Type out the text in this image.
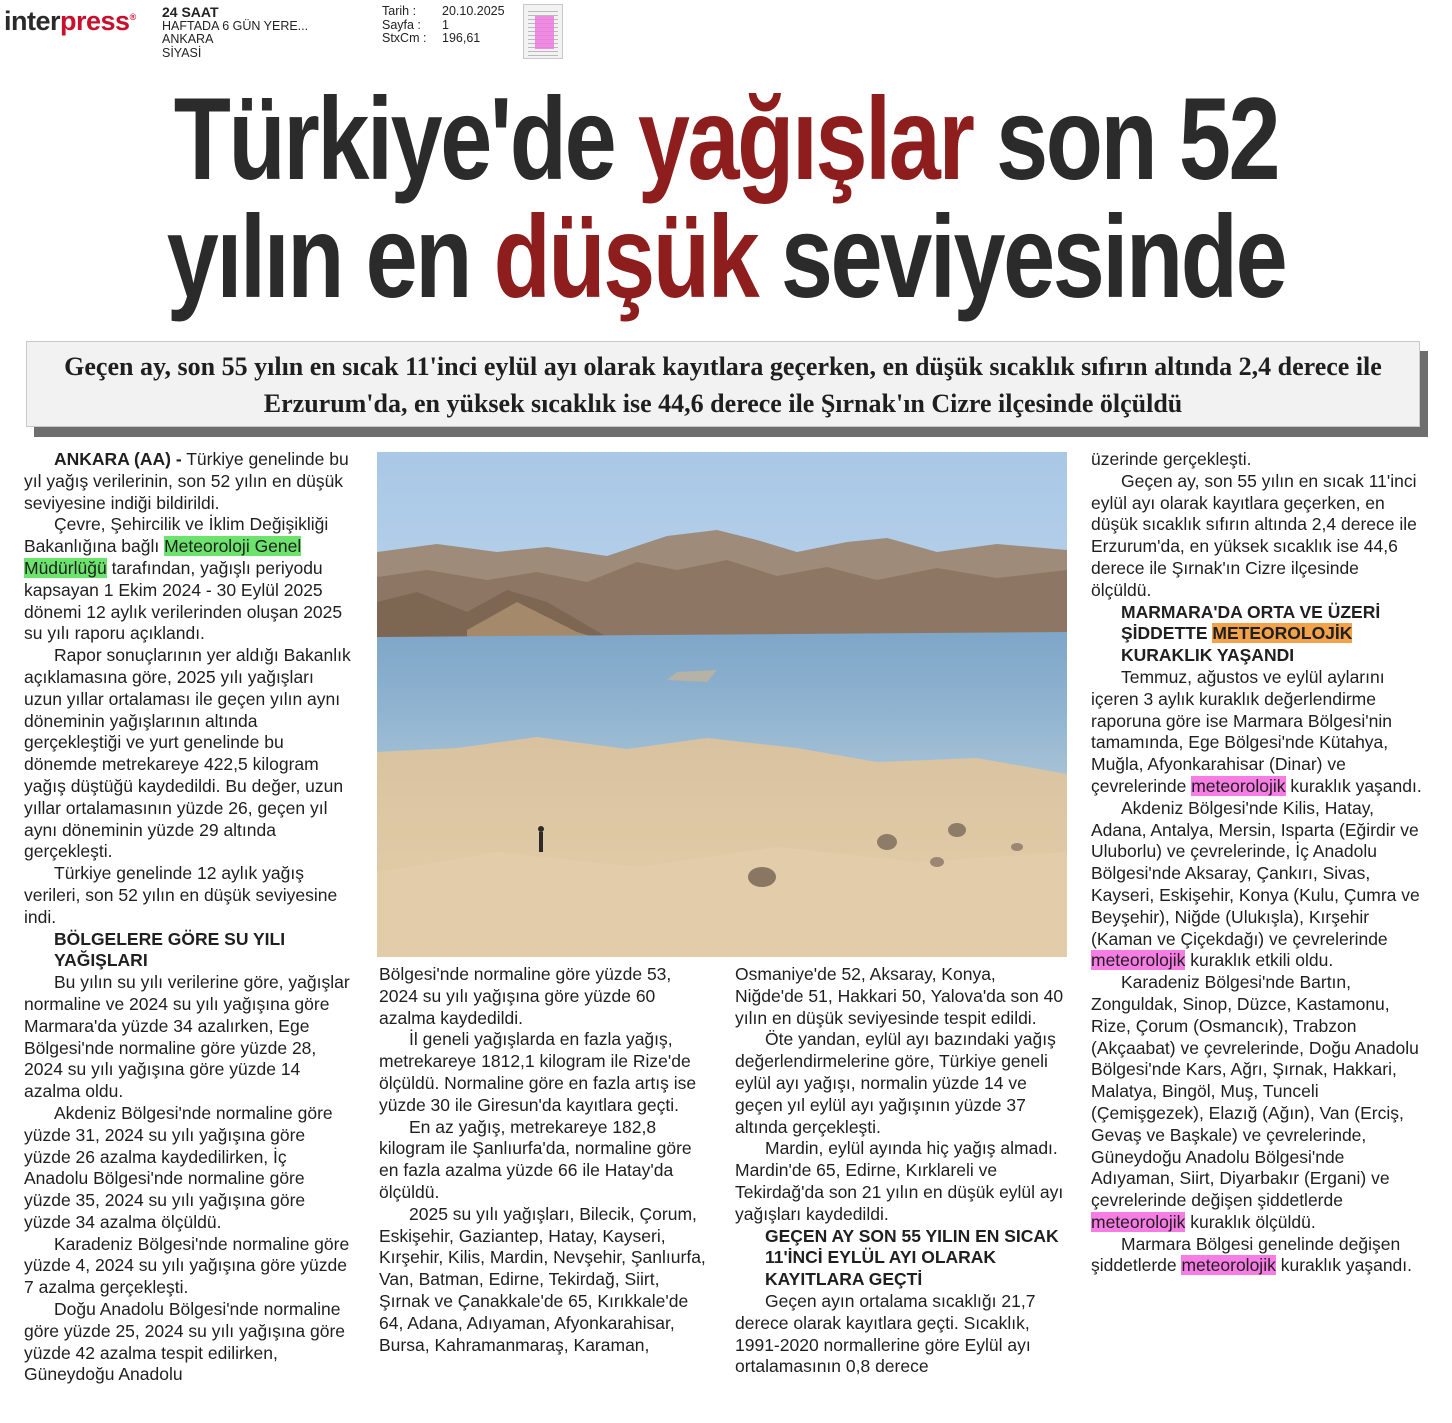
interpress® 24 SAAT
HAFTADA 6 GÜN YERE...
ANKARA
SİYASİ
Tarih :	20.10.2025
Sayfa :	1
StxCm :	196,61
Türkiye'de yağışlar son 52
yılın en düşük seviyesinde
Geçen ay, son 55 yılın en sıcak 11'inci eylül ayı olarak kayıtlara geçerken, en düşük sıcaklık sıfırın altında 2,4 derece ile Erzurum'da, en yüksek sıcaklık ise 44,6 derece ile Şırnak'ın Cizre ilçesinde ölçüldü

ANKARA (AA) - Türkiye genelinde bu yıl yağış verilerinin, son 52 yılın en düşük seviyesine indiği bildirildi.

Çevre, Şehircilik ve İklim Değişikliği Bakanlığına bağlı Meteoroloji Genel Müdürlüğü tarafından, yağışlı periyodu kapsayan 1 Ekim 2024 - 30 Eylül 2025 dönemi 12 aylık verilerinden oluşan 2025 su yılı raporu açıklandı.

Rapor sonuçlarının yer aldığı Bakanlık açıklamasına göre, 2025 yılı yağışları uzun yıllar ortalaması ile geçen yılın aynı döneminin yağışlarının altında gerçekleştiği ve yurt genelinde bu dönemde metrekareye 422,5 kilogram yağış düştüğü kaydedildi. Bu değer, uzun yıllar ortalamasının yüzde 26, geçen yıl aynı döneminin yüzde 29 altında gerçekleşti.

Türkiye genelinde 12 aylık yağış verileri, son 52 yılın en düşük seviyesine indi.

BÖLGELERE GÖRE SU YILI YAĞIŞLARI

Bu yılın su yılı verilerine göre, yağışlar normaline ve 2024 su yılı yağışına göre Marmara'da yüzde 34 azalırken, Ege Bölgesi'nde normaline göre yüzde 28, 2024 su yılı yağışına göre yüzde 14 azalma oldu.

Akdeniz Bölgesi'nde normaline göre yüzde 31, 2024 su yılı yağışına göre yüzde 26 azalma kaydedilirken, İç Anadolu Bölgesi'nde normaline göre yüzde 35, 2024 su yılı yağışına göre yüzde 34 azalma ölçüldü.

Karadeniz Bölgesi'nde normaline göre yüzde 4, 2024 su yılı yağışına göre yüzde 7 azalma gerçekleşti.

Doğu Anadolu Bölgesi'nde normaline göre yüzde 25, 2024 su yılı yağışına göre yüzde 42 azalma tespit edilirken, Güneydoğu Anadolu

Bölgesi'nde normaline göre yüzde 53, 2024 su yılı yağışına göre yüzde 60 azalma kaydedildi.

İl geneli yağışlarda en fazla yağış, metrekareye 1812,1 kilogram ile Rize'de ölçüldü. Normaline göre en fazla artış ise yüzde 30 ile Giresun'da kayıtlara geçti.

En az yağış, metrekareye 182,8 kilogram ile Şanlıurfa'da, normaline göre en fazla azalma yüzde 66 ile Hatay'da ölçüldü.

2025 su yılı yağışları, Bilecik, Çorum, Eskişehir, Gaziantep, Hatay, Kayseri, Kırşehir, Kilis, Mardin, Nevşehir, Şanlıurfa, Van, Batman, Edirne, Tekirdağ, Siirt, Şırnak ve Çanakkale'de 65, Kırıkkale'de 64, Adana, Adıyaman, Afyonkarahisar, Bursa, Kahramanmaraş, Karaman,

Osmaniye'de 52, Aksaray, Konya, Niğde'de 51, Hakkari 50, Yalova'da son 40 yılın en düşük seviyesinde tespit edildi.

Öte yandan, eylül ayı bazındaki yağış değerlendirmelerine göre, Türkiye geneli eylül ayı yağışı, normalin yüzde 14 ve geçen yıl eylül ayı yağışının yüzde 37 altında gerçekleşti.

Mardin, eylül ayında hiç yağış almadı. Mardin'de 65, Edirne, Kırklareli ve Tekirdağ'da son 21 yılın en düşük eylül ayı yağışları kaydedildi.

GEÇEN AY SON 55 YILIN EN SICAK 11'İNCİ EYLÜL AYI OLARAK KAYITLARA GEÇTİ

Geçen ayın ortalama sıcaklığı 21,7 derece olarak kayıtlara geçti. Sıcaklık, 1991-2020 normallerine göre Eylül ayı ortalamasının 0,8 derece

üzerinde gerçekleşti.

Geçen ay, son 55 yılın en sıcak 11'inci eylül ayı olarak kayıtlara geçerken, en düşük sıcaklık sıfırın altında 2,4 derece ile Erzurum'da, en yüksek sıcaklık ise 44,6 derece ile Şırnak'ın Cizre ilçesinde ölçüldü.

MARMARA'DA ORTA VE ÜZERİ ŞİDDETTE METEOROLOJİK KURAKLIK YAŞANDI

Temmuz, ağustos ve eylül aylarını içeren 3 aylık kuraklık değerlendirme raporuna göre ise Marmara Bölgesi'nin tamamında, Ege Bölgesi'nde Kütahya, Muğla, Afyonkarahisar (Dinar) ve çevrelerinde meteorolojik kuraklık yaşandı.

Akdeniz Bölgesi'nde Kilis, Hatay, Adana, Antalya, Mersin, Isparta (Eğirdir ve Uluborlu) ve çevrelerinde, İç Anadolu Bölgesi'nde Aksaray, Çankırı, Sivas, Kayseri, Eskişehir, Konya (Kulu, Çumra ve Beyşehir), Niğde (Ulukışla), Kırşehir (Kaman ve Çiçekdağı) ve çevrelerinde meteorolojik kuraklık etkili oldu.

Karadeniz Bölgesi'nde Bartın, Zonguldak, Sinop, Düzce, Kastamonu, Rize, Çorum (Osmancık), Trabzon (Akçaabat) ve çevrelerinde, Doğu Anadolu Bölgesi'nde Kars, Ağrı, Şırnak, Hakkari, Malatya, Bingöl, Muş, Tunceli (Çemişgezek), Elazığ (Ağın), Van (Erciş, Gevaş ve Başkale) ve çevrelerinde, Güneydoğu Anadolu Bölgesi'nde Adıyaman, Siirt, Diyarbakır (Ergani) ve çevrelerinde değişen şiddetlerde meteorolojik kuraklık ölçüldü.

Marmara Bölgesi genelinde değişen şiddetlerde meteorolojik kuraklık yaşandı.
